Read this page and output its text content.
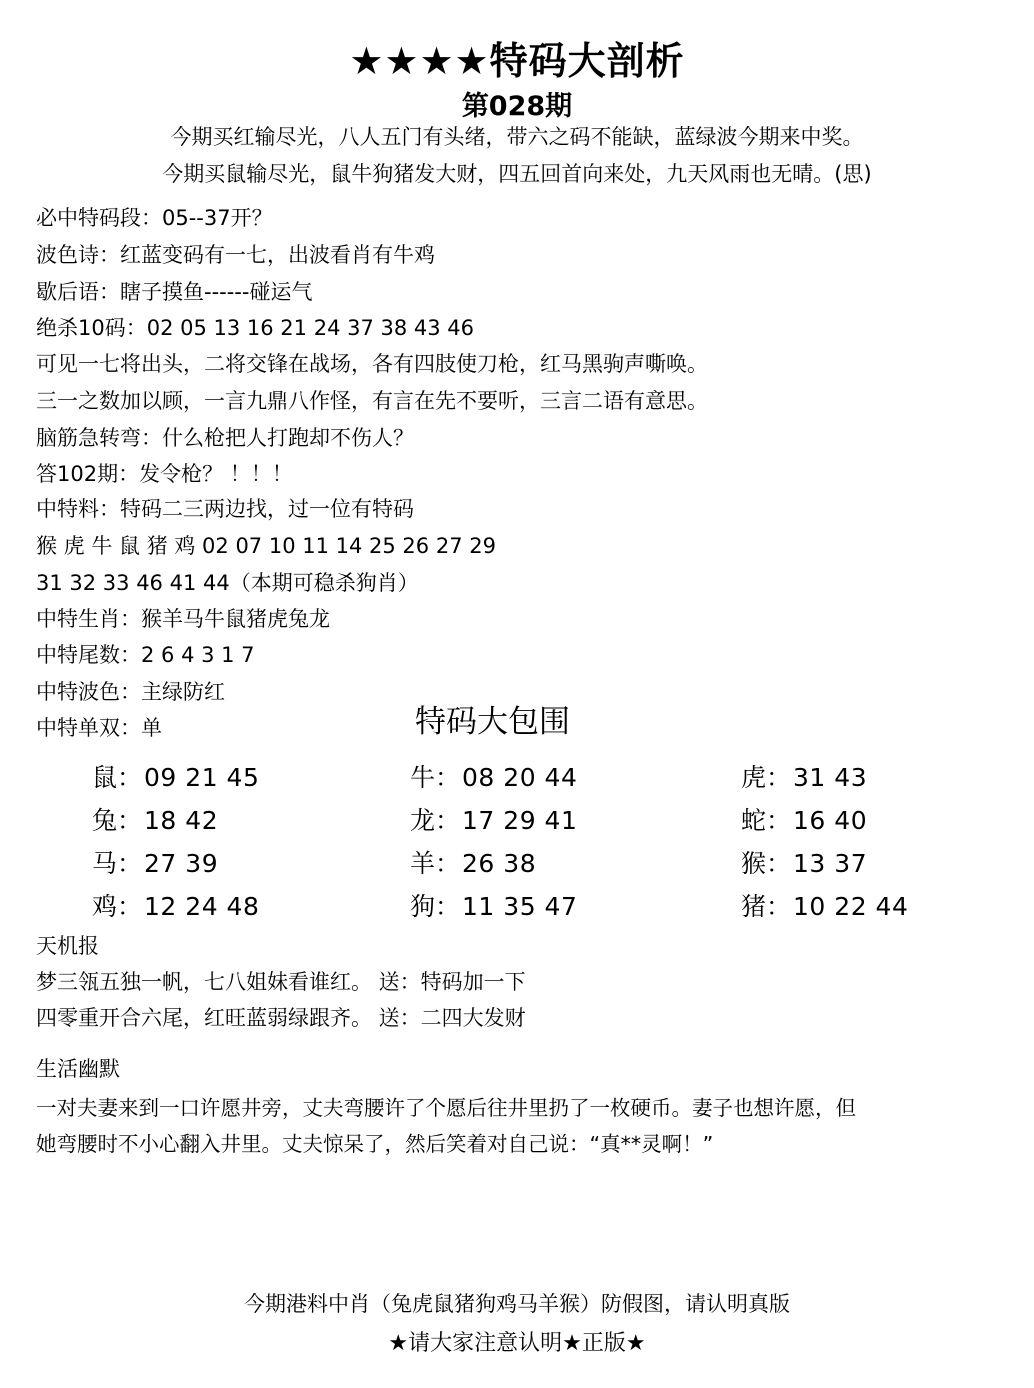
★★★★特码大剖析
第028期
今期买红输尽光，八人五门有头绪，带六之码不能缺，蓝绿波今期来中奖。
今期买鼠输尽光，鼠牛狗猪发大财，四五回首向来处，九天风雨也无晴。(思)
必中特码段：05--37开？
波色诗：红蓝变码有一七，出波看肖有牛鸡
歇后语：瞎子摸鱼------碰运气
绝杀10码：02 05 13 16 21 24 37 38 43 46
可见一七将出头，二将交锋在战场，各有四肢使刀枪，红马黑驹声嘶唤。
三一之数加以顾，一言九鼎八作怪，有言在先不要听，三言二语有意思。
脑筋急转弯：什么枪把人打跑却不伤人？
答102期：发令枪？ ！！！
中特料：特码二三两边找，过一位有特码
猴 虎 牛 鼠 猪 鸡 02 07 10 11 14 25 26 27 29
31 32 33 46 41 44（本期可稳杀狗肖）
中特生肖：猴羊马牛鼠猪虎兔龙
中特尾数：2 6 4 3 1 7
中特波色：主绿防红
中特单双：单	特码大包围
鼠：09 21 45	牛：08 20 44	虎：31 43
兔：18 42	龙：17 29 41	蛇：16 40
马：27 39	羊：26 38	猴：13 37
鸡：12 24 48	狗：11 35 47	猪：10 22 44
天机报
梦三瓴五独一帆，七八姐妹看谁红。 送：特码加一下
四零重开合六尾，红旺蓝弱绿跟齐。 送：二四大发财
生活幽默
一对夫妻来到一口许愿井旁，丈夫弯腰许了个愿后往井里扔了一枚硬币。妻子也想许愿，但
她弯腰时不小心翻入井里。丈夫惊呆了，然后笑着对自己说：“真**灵啊！”
今期港料中肖（兔虎鼠猪狗鸡马羊猴）防假图，请认明真版
★请大家注意认明★正版★
